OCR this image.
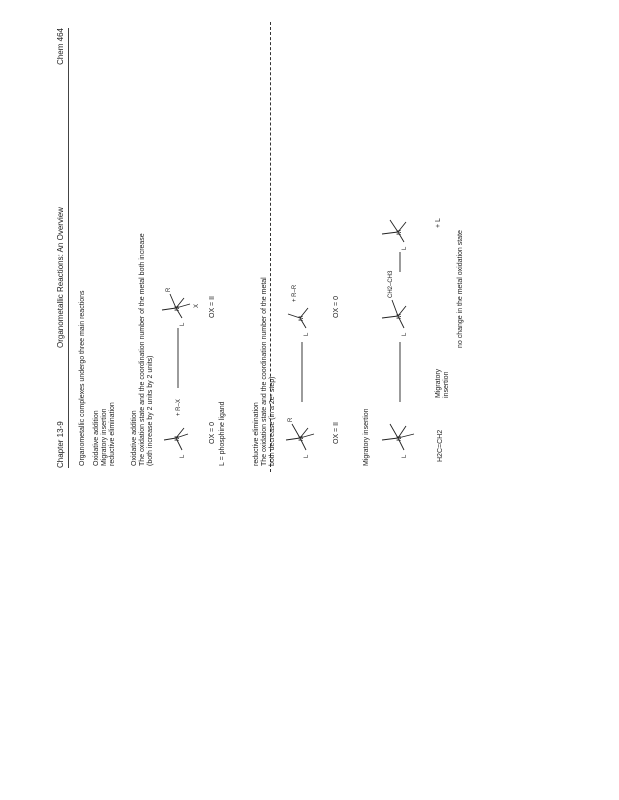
Chapter 13-9
Organometallic Reactions: An Overview
Chem 464
Organometallic complexes undergo three main reactions Oxidative addition Migratory insertion reductive elimination Oxidative addition The oxidation state and the coordination number of the metal both increase (both increase by 2 units by 2 units)	L
M
+ R–X
L
M
R
X
OX = 0
OX = II
L = phosphine ligand	reductive elimination The oxidation state and the coordination number of the metal both decrease (in a 2e- step)	L
M
R
L
M
+ R–R
OX = II
OX = 0
Migratory insertion	L
M
L
M
CH2–CH3
L
M
H2C=CH2
Migratory insertion
+ L
no change in the metal oxidation state
